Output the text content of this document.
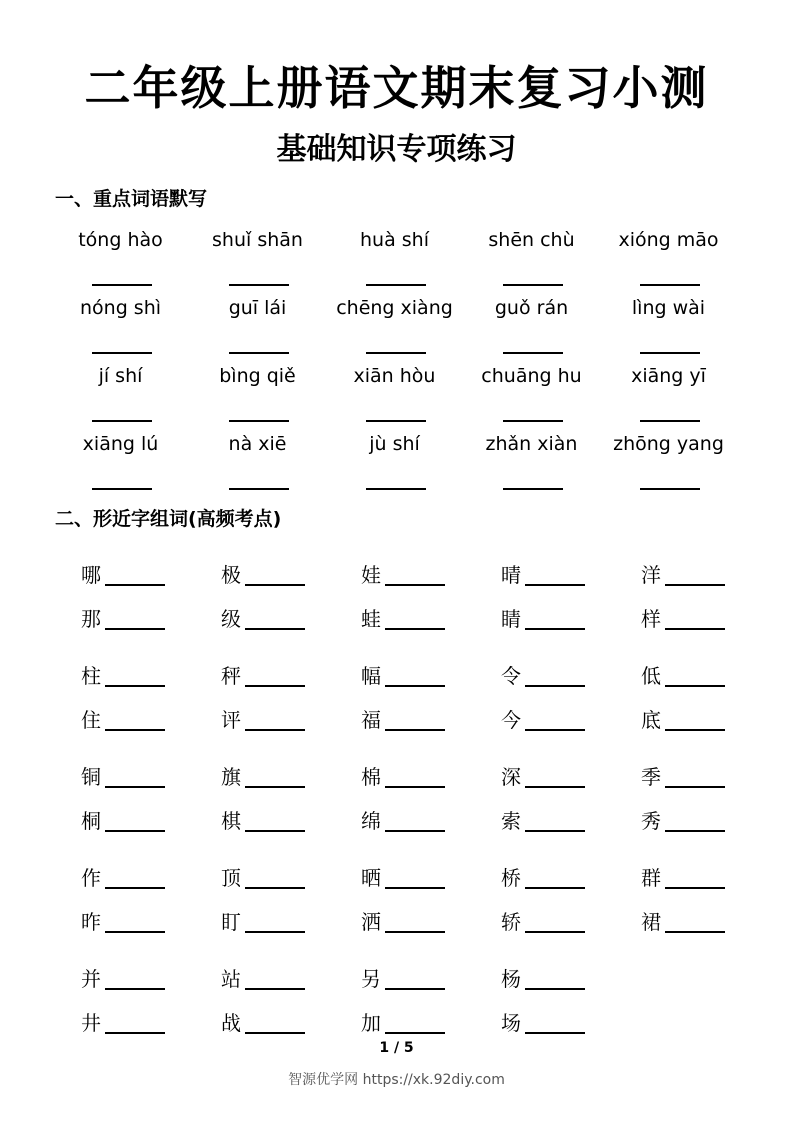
二年级上册语文期末复习小测
基础知识专项练习
一、重点词语默写
tóng hào	shuǐ shān	huà shí	shēn chù	xióng māo
nóng shì	guī lái	chēng xiàng	guǒ rán	lìng wài
jí shí	bìng qiě	xiān hòu	chuāng hu	xiāng yī
xiāng lú	nà xiē	jù shí	zhǎn xiàn	zhōng yang
二、形近字组词(高频考点)
哪	极	娃	晴	洋
那	级	蛙	睛	样
柱	秤	幅	令	低
住	评	福	今	底
铜	旗	棉	深	季
桐	棋	绵	索	秀
作	顶	晒	桥	群
昨	盯	洒	轿	裙
并	站	另	杨
井	战	加	场
1 / 5
智源优学网 https://xk.92diy.com
